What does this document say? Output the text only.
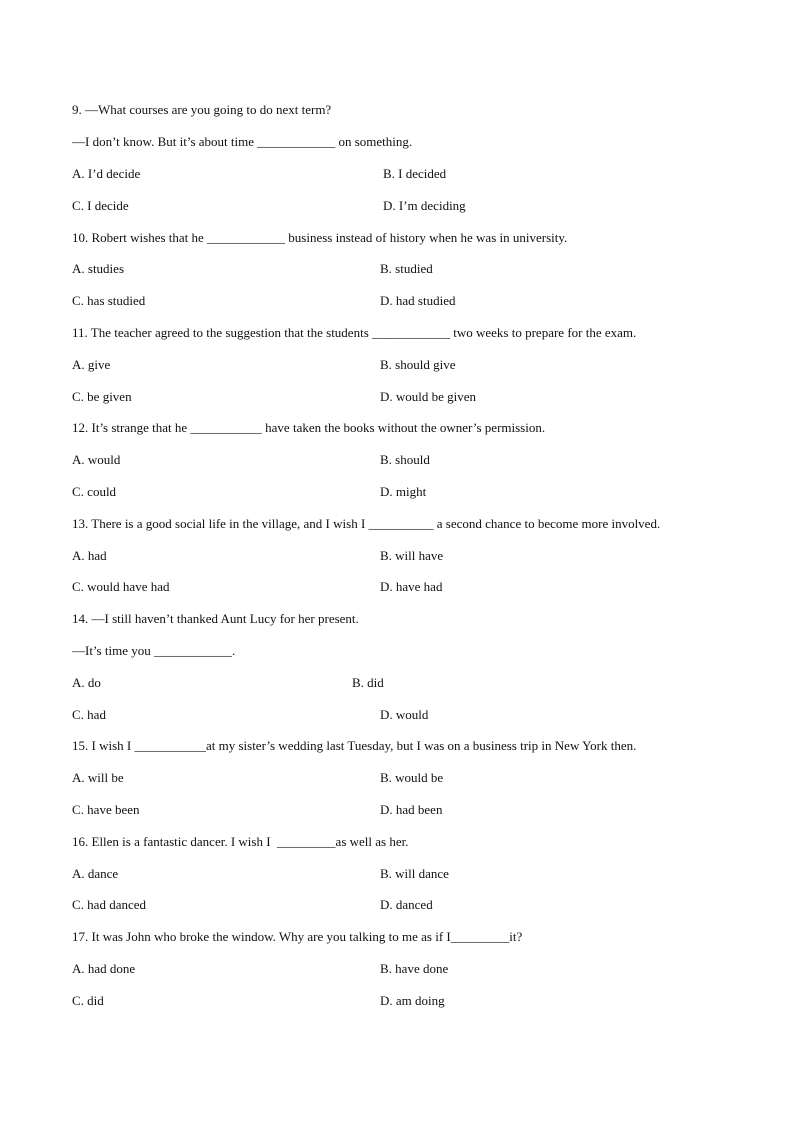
9. —What courses are you going to do next term?
—I don’t know. But it’s about time ____________ on something.
A. I’d decide	B. I decided
C. I decide	D. I’m deciding
10. Robert wishes that he ____________ business instead of history when he was in university.
A. studies	B. studied
C. has studied	D. had studied
11. The teacher agreed to the suggestion that the students ____________ two weeks to prepare for the exam.
A. give	B. should give
C. be given	D. would be given
12. It’s strange that he ___________ have taken the books without the owner’s permission.
A. would	B. should
C. could	D. might
13. There is a good social life in the village, and I wish I __________ a second chance to become more involved.
A. had	B. will have
C. would have had	D. have had
14. —I still haven’t thanked Aunt Lucy for her present.
—It’s time you ____________.
A. do	B. did
C. had	D. would
15. I wish I ___________at my sister’s wedding last Tuesday, but I was on a business trip in New York then.
A. will be	B. would be
C. have been	D. had been
16. Ellen is a fantastic dancer. I wish I  _________as well as her.
A. dance	B. will dance
C. had danced	D. danced
17. It was John who broke the window. Why are you talking to me as if I_________it?
A. had done	B. have done
C. did	D. am doing
